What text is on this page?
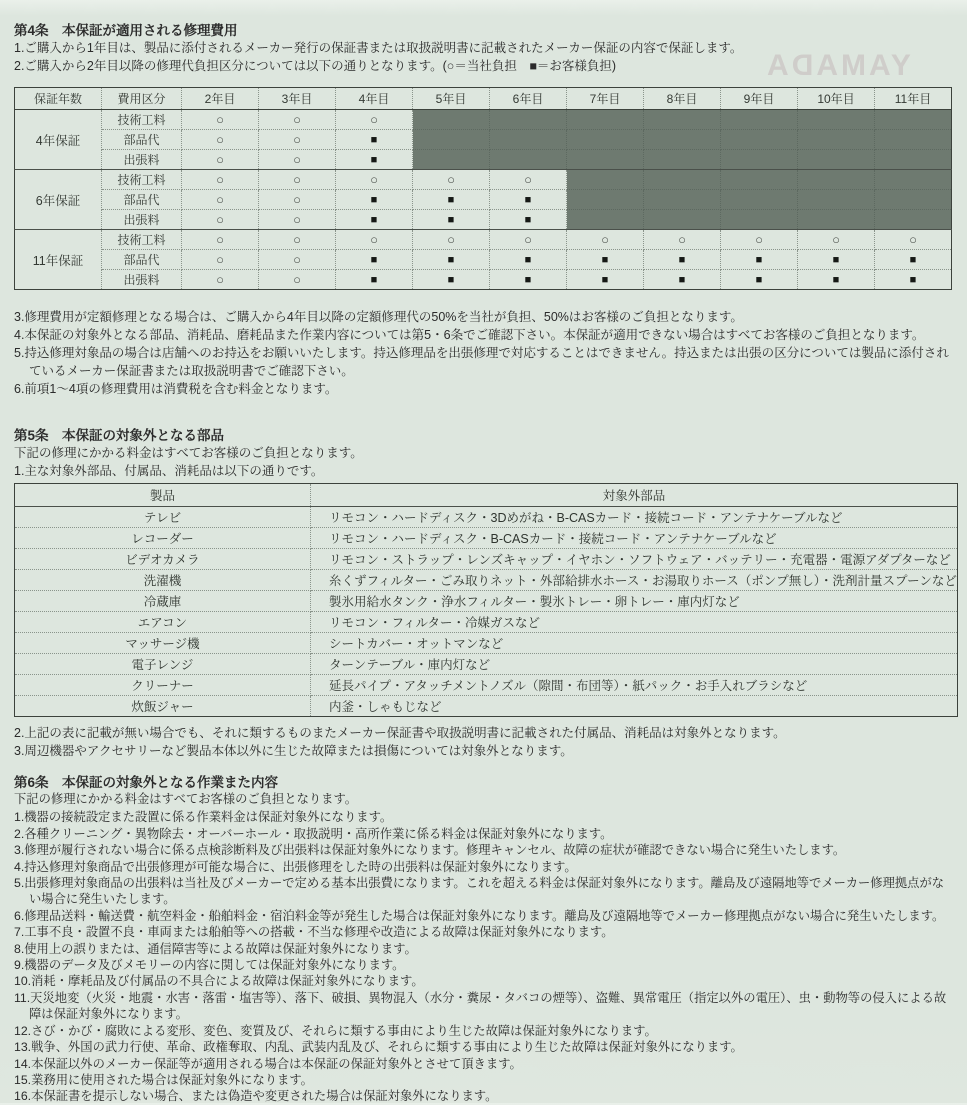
YAMADA
第4条　本保証が適用される修理費用
1.ご購入から1年目は、製品に添付されるメーカー発行の保証書または取扱説明書に記載されたメーカー保証の内容で保証します。
2.ご購入から2年目以降の修理代負担区分については以下の通りとなります。(○＝当社負担　■＝お客様負担)
保証年数	費用区分	2年目	3年目	4年目	5年目	6年目	7年目	8年目	9年目	10年目	11年目
4年保証	技術工料	○	○	○							
	部品代	○	○	■							
	出張料	○	○	■							
6年保証	技術工料	○	○	○	○	○					
	部品代	○	○	■	■	■					
	出張料	○	○	■	■	■					
11年保証	技術工料	○	○	○	○	○	○	○	○	○	○
	部品代	○	○	■	■	■	■	■	■	■	■
	出張料	○	○	■	■	■	■	■	■	■	■
3.修理費用が定額修理となる場合は、ご購入から4年目以降の定額修理代の50%を当社が負担、50%はお客様のご負担となります。
4.本保証の対象外となる部品、消耗品、磨耗品また作業内容については第5・6条でご確認下さい。本保証が適用できない場合はすべてお客様のご負担となります。
5.持込修理対象品の場合は店舗へのお持込をお願いいたします。持込修理品を出張修理で対応することはできません。持込または出張の区分については製品に添付されているメーカー保証書または取扱説明書でご確認下さい。
6.前項1～4項の修理費用は消費税を含む料金となります。
第5条　本保証の対象外となる部品
下記の修理にかかる料金はすべてお客様のご負担となります。
1.主な対象外部品、付属品、消耗品は以下の通りです。
製品	対象外部品
テレビ	リモコン・ハードディスク・3Dめがね・B-CASカード・接続コード・アンテナケーブルなど
レコーダー	リモコン・ハードディスク・B-CASカード・接続コード・アンテナケーブルなど
ビデオカメラ	リモコン・ストラップ・レンズキャップ・イヤホン・ソフトウェア・バッテリー・充電器・電源アダプターなど
洗濯機	糸くずフィルター・ごみ取りネット・外部給排水ホース・お湯取りホース（ポンプ無し）・洗剤計量スプーンなど
冷蔵庫	製氷用給水タンク・浄水フィルター・製氷トレー・卵トレー・庫内灯など
エアコン	リモコン・フィルター・冷媒ガスなど
マッサージ機	シートカバー・オットマンなど
電子レンジ	ターンテーブル・庫内灯など
クリーナー	延長パイプ・アタッチメントノズル（隙間・布団等）・紙パック・お手入れブラシなど
炊飯ジャー	内釜・しゃもじなど
2.上記の表に記載が無い場合でも、それに類するものまたメーカー保証書や取扱説明書に記載された付属品、消耗品は対象外となります。
3.周辺機器やアクセサリーなど製品本体以外に生じた故障または損傷については対象外となります。
第6条　本保証の対象外となる作業また内容
下記の修理にかかる料金はすべてお客様のご負担となります。
1.機器の接続設定また設置に係る作業料金は保証対象外になります。
2.各種クリーニング・異物除去・オーバーホール・取扱説明・高所作業に係る料金は保証対象外になります。
3.修理が履行されない場合に係る点検診断料及び出張料は保証対象外になります。修理キャンセル、故障の症状が確認できない場合に発生いたします。
4.持込修理対象商品で出張修理が可能な場合に、出張修理をした時の出張料は保証対象外になります。
5.出張修理対象商品の出張料は当社及びメーカーで定める基本出張費になります。これを超える料金は保証対象外になります。離島及び遠隔地等でメーカー修理拠点がない場合に発生いたします。
6.修理品送料・輸送費・航空料金・船舶料金・宿泊料金等が発生した場合は保証対象外になります。離島及び遠隔地等でメーカー修理拠点がない場合に発生いたします。
7.工事不良・設置不良・車両または船舶等への搭載・不当な修理や改造による故障は保証対象外になります。
8.使用上の誤りまたは、通信障害等による故障は保証対象外になります。
9.機器のデータ及びメモリーの内容に関しては保証対象外になります。
10.消耗・摩耗品及び付属品の不具合による故障は保証対象外になります。
11.天災地変（火災・地震・水害・落雷・塩害等）、落下、破損、異物混入（水分・糞尿・タバコの煙等）、盗難、異常電圧（指定以外の電圧）、虫・動物等の侵入による故障は保証対象外になります。
12.さび・かび・腐敗による変形、変色、変質及び、それらに類する事由により生じた故障は保証対象外になります。
13.戦争、外国の武力行使、革命、政権奪取、内乱、武装内乱及び、それらに類する事由により生じた故障は保証対象外になります。
14.本保証以外のメーカー保証等が適用される場合は本保証の保証対象外とさせて頂きます。
15.業務用に使用された場合は保証対象外になります。
16.本保証書を提示しない場合、または偽造や変更された場合は保証対象外になります。
